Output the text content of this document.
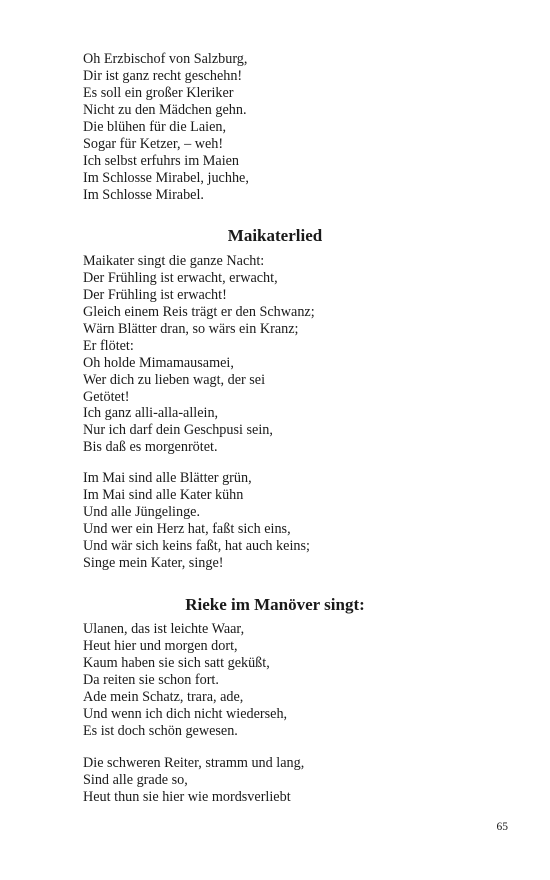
Oh Erzbischof von Salzburg,
Dir ist ganz recht geschehn!
Es soll ein großer Kleriker
Nicht zu den Mädchen gehn.
Die blühen für die Laien,
Sogar für Ketzer, – weh!
Ich selbst erfuhrs im Maien
Im Schlosse Mirabel, juchhe,
Im Schlosse Mirabel.
Maikaterlied
Maikater singt die ganze Nacht:
Der Frühling ist erwacht, erwacht,
Der Frühling ist erwacht!
Gleich einem Reis trägt er den Schwanz;
Wärn Blätter dran, so wärs ein Kranz;
Er flötet:
Oh holde Mimamausamei,
Wer dich zu lieben wagt, der sei
Getötet!
Ich ganz alli-alla-allein,
Nur ich darf dein Geschpusi sein,
Bis daß es morgenrötet.
Im Mai sind alle Blätter grün,
Im Mai sind alle Kater kühn
Und alle Jüngelinge.
Und wer ein Herz hat, faßt sich eins,
Und wär sich keins faßt, hat auch keins;
Singe mein Kater, singe!
Rieke im Manöver singt:
Ulanen, das ist leichte Waar,
Heut hier und morgen dort,
Kaum haben sie sich satt geküßt,
Da reiten sie schon fort.
Ade mein Schatz, trara, ade,
Und wenn ich dich nicht wiederseh,
Es ist doch schön gewesen.
Die schweren Reiter, stramm und lang,
Sind alle grade so,
Heut thun sie hier wie mordsverliebt
65
